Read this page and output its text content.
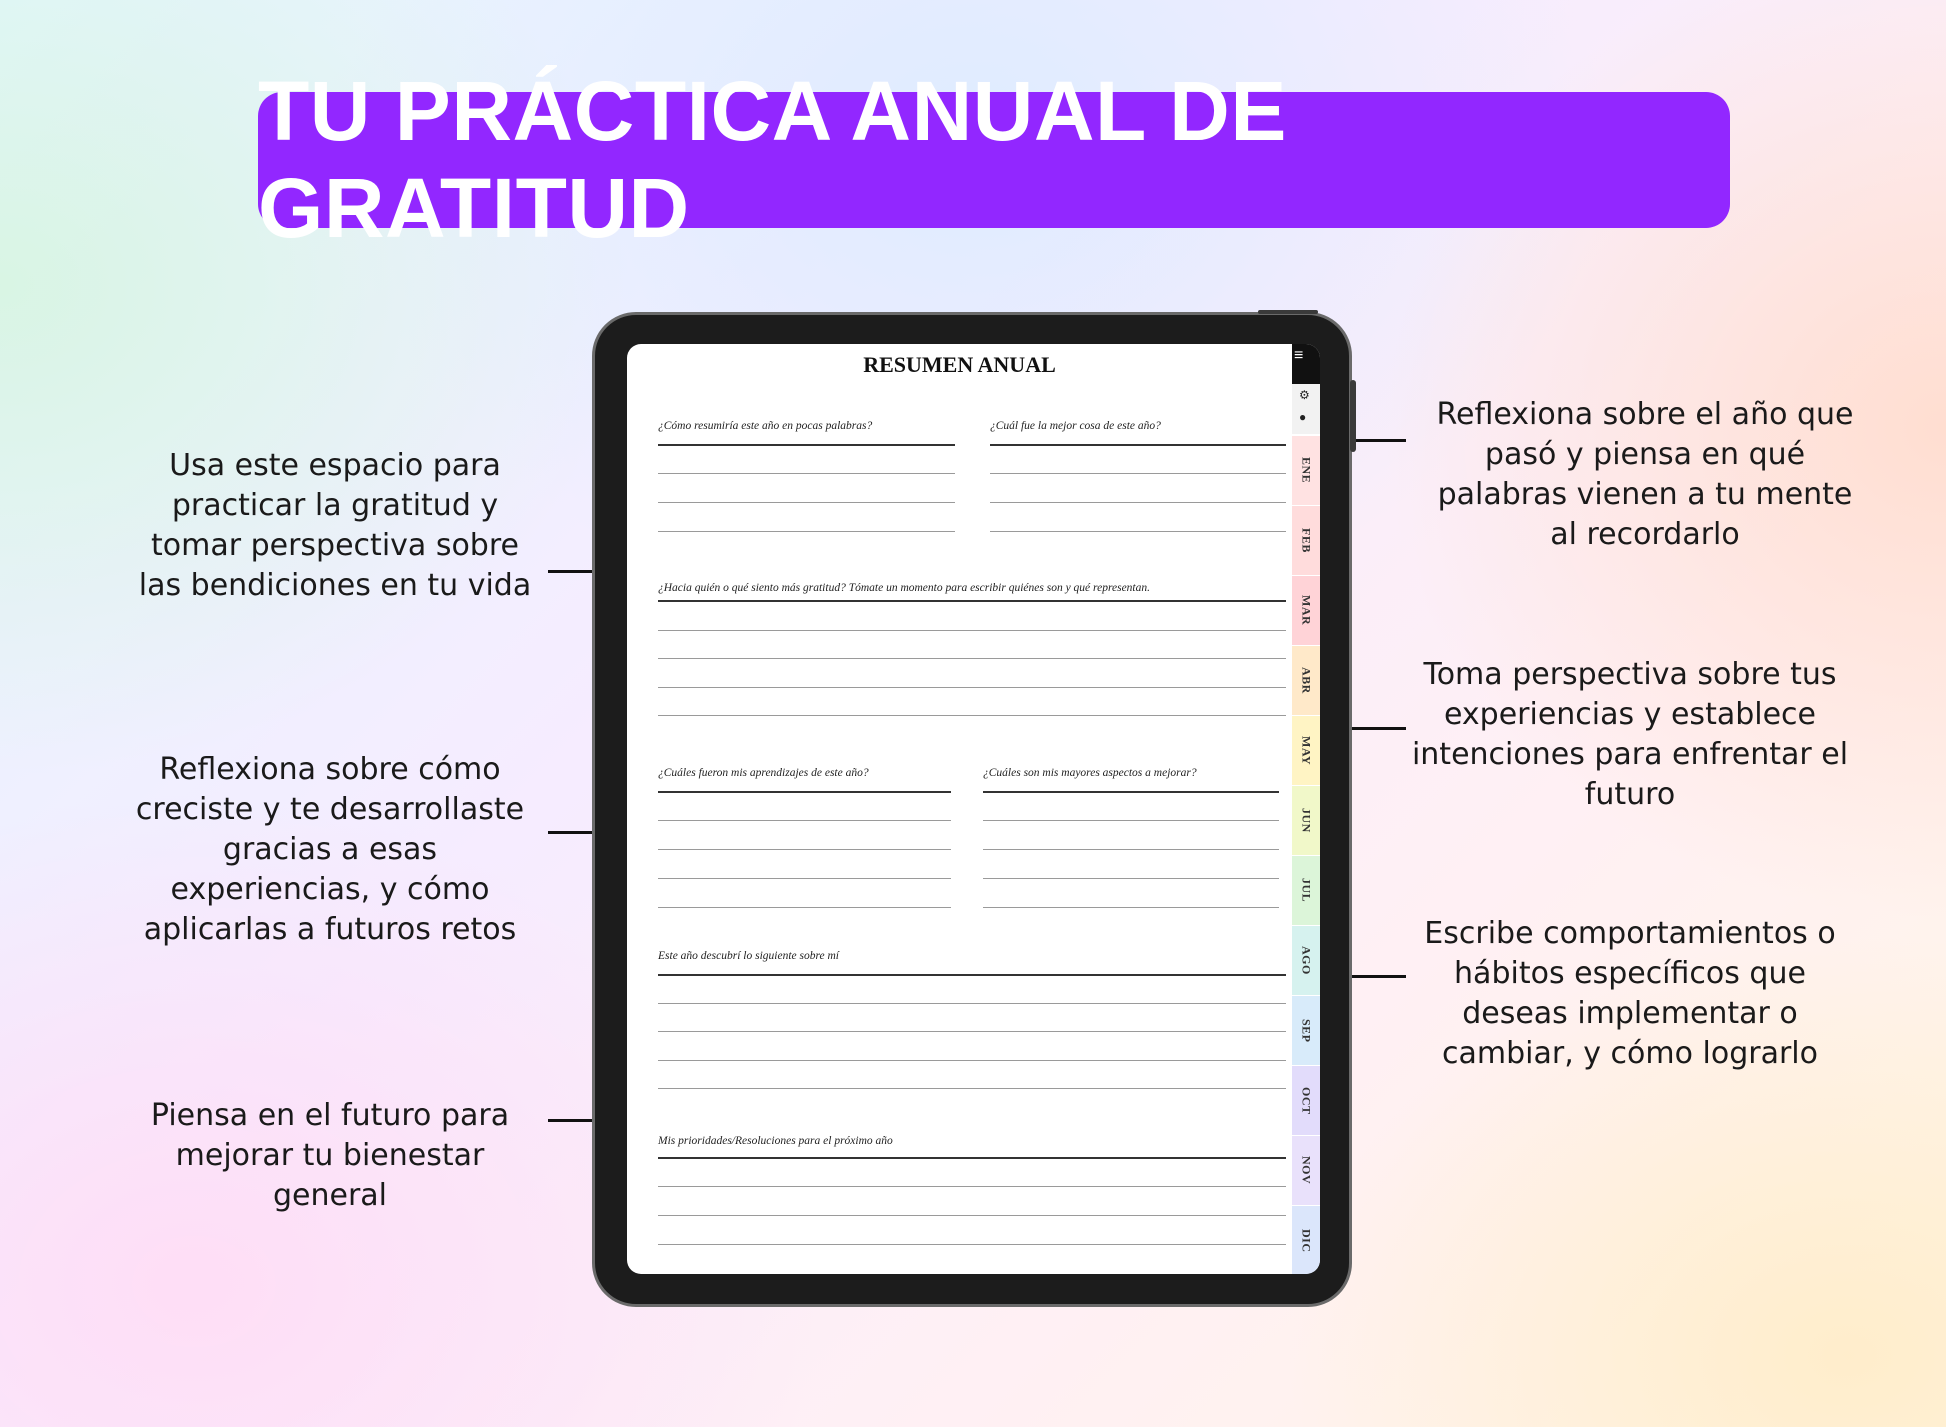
TU PRÁCTICA ANUAL DE GRATITUD
Usa este espacio para practicar la gratitud y tomar perspectiva sobre las bendiciones en tu vida
Reflexiona sobre cómo creciste y te desarrollaste gracias a esas experiencias, y cómo aplicarlas a futuros retos
Piensa en el futuro para mejorar tu bienestar general
Reflexiona sobre el año que pasó y piensa en qué palabras vienen a tu mente al recordarlo
Toma perspectiva sobre tus experiencias y establece intenciones para enfrentar el futuro
Escribe comportamientos o hábitos específicos que deseas implementar o cambiar, y cómo lograrlo
RESUMEN ANUAL
¿Cómo resumiría este año en pocas palabras?	¿Cuál fue la mejor cosa de este año?
¿Hacia quién o qué siento más gratitud? Tómate un momento para escribir quiénes son y qué representan.
¿Cuáles fueron mis aprendizajes de este año?	¿Cuáles son mis mayores aspectos a mejorar?
Este año descubrí lo siguiente sobre mí
Mis prioridades/Resoluciones para el próximo año
≡
⚙
●
ENE
FEB
MAR
ABR
MAY
JUN
JUL
AGO
SEP
OCT
NOV
DIC
